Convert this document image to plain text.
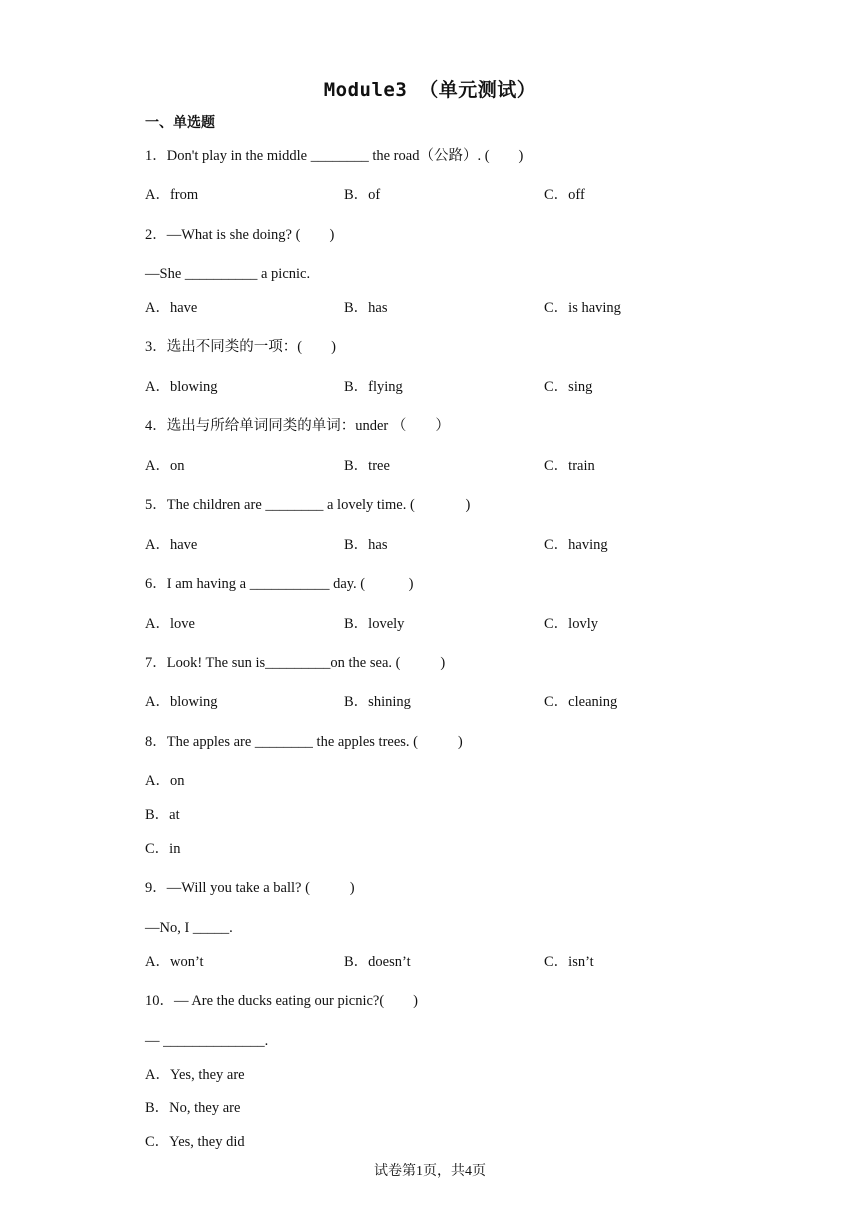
Module3 （单元测试）
一、单选题
1．Don't play in the middle ________ the road（公路）. (        )
A．from	B．of	C．off
2．—What is she doing? (        )
—She __________ a picnic.
A．have	B．has	C．is having
3．选出不同类的一项：(        )
A．blowing	B．flying	C．sing
4．选出与所给单词同类的单词：under （        ）
A．on	B．tree	C．train
5．The children are ________ a lovely time. (              )
A．have	B．has	C．having
6．I am having a ___________ day. (            )
A．love	B．lovely	C．lovly
7．Look! The sun is_________on the sea. (           )
A．blowing	B．shining	C．cleaning
8．The apples are ________ the apples trees. (           )
A．on
B．at
C．in
9．—Will you take a ball? (           )
—No, I _____.
A．won’t	B．doesn’t	C．isn’t
10．— Are the ducks eating our picnic?(        )
— ______________.
A．Yes, they are
B．No, they are
C．Yes, they did
试卷第1页，共4页
